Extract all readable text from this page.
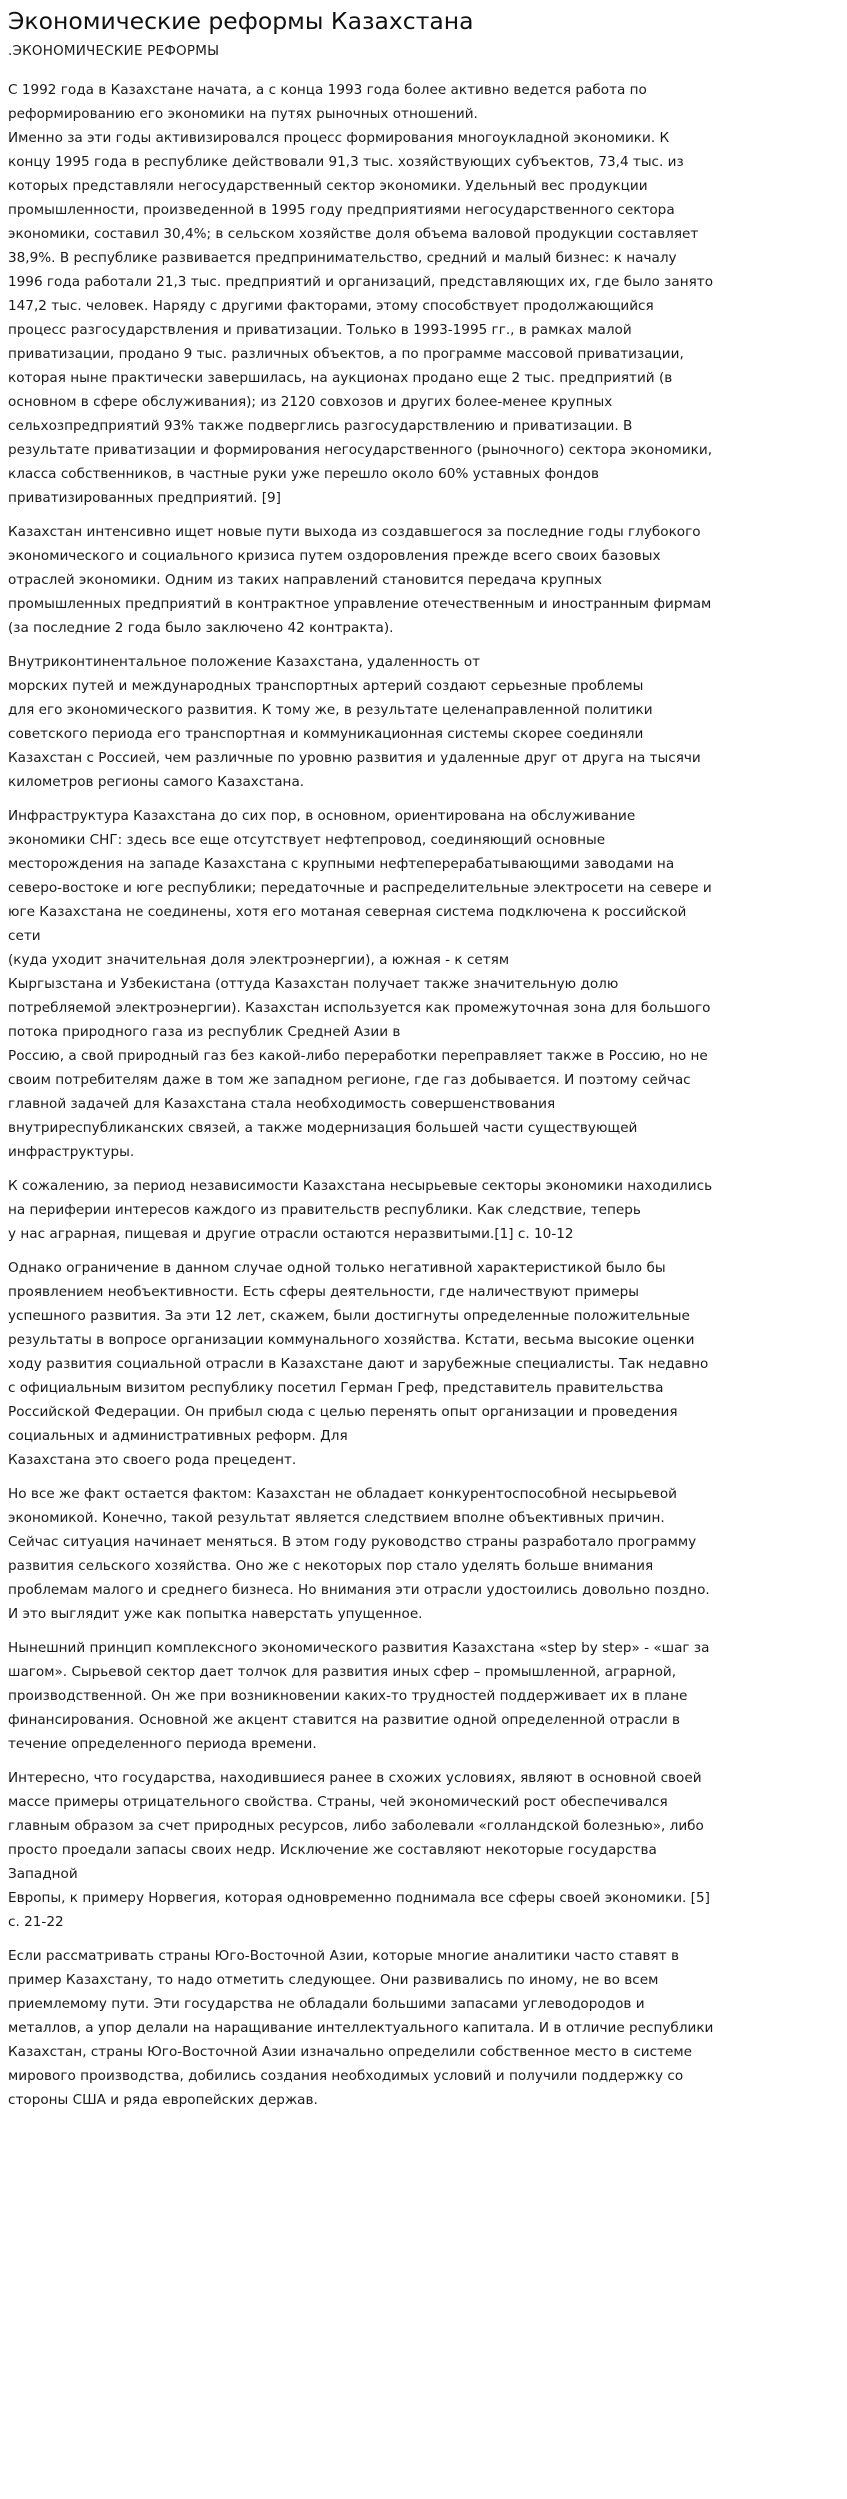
Экономические реформы Казахстана
.ЭКОНОМИЧЕСКИЕ РЕФОРМЫ
С 1992 года в Казахстане начата, а с конца 1993 года более активно ведется работа по
реформированию его экономики на путях рыночных отношений.
Именно за эти годы активизировался процесс формирования многоукладной экономики. К
концу 1995 года в республике действовали 91,3 тыс. хозяйствующих субъектов, 73,4 тыс. из
которых представляли негосударственный сектор экономики. Удельный вес продукции
промышленности, произведенной в 1995 году предприятиями негосударственного сектора
экономики, составил 30,4%; в сельском хозяйстве доля объема валовой продукции составляет
38,9%. В республике развивается предпринимательство, средний и малый бизнес: к началу
1996 года работали 21,3 тыс. предприятий и организаций, представляющих их, где было занято
147,2 тыс. человек. Наряду с другими факторами, этому способствует продолжающийся
процесс разгосударствления и приватизации. Только в 1993-1995 гг., в рамках малой
приватизации, продано 9 тыс. различных объектов, а по программе массовой приватизации,
которая ныне практически завершилась, на аукционах продано еще 2 тыс. предприятий (в
основном в сфере обслуживания); из 2120 совхозов и других более-менее крупных
сельхозпредприятий 93% также подверглись разгосударствлению и приватизации. В
результате приватизации и формирования негосударственного (рыночного) сектора экономики,
класса собственников, в частные руки уже перешло около 60% уставных фондов
приватизированных предприятий. [9]
Казахстан интенсивно ищет новые пути выхода из создавшегося за последние годы глубокого
экономического и социального кризиса путем оздоровления прежде всего своих базовых
отраслей экономики. Одним из таких направлений становится передача крупных
промышленных предприятий в контрактное управление отечественным и иностранным фирмам
(за последние 2 года было заключено 42 контракта).
Внутриконтинентальное положение Казахстана, удаленность от
морских путей и международных транспортных артерий создают серьезные проблемы
для его экономического развития. К тому же, в результате целенаправленной политики
советского периода его транспортная и коммуникационная системы скорее соединяли
Казахстан с Россией, чем различные по уровню развития и удаленные друг от друга на тысячи
километров регионы самого Казахстана.
Инфраструктура Казахстана до сих пор, в основном, ориентирована на обслуживание
экономики СНГ: здесь все еще отсутствует нефтепровод, соединяющий основные
месторождения на западе Казахстана с крупными нефтеперерабатывающими заводами на
северо-востоке и юге республики; передаточные и распределительные электросети на севере и
юге Казахстана не соединены, хотя его мотаная северная система подключена к российской
сети
(куда уходит значительная доля электроэнергии), а южная - к сетям
Кыргызстана и Узбекистана (оттуда Казахстан получает также значительную долю
потребляемой электроэнергии). Казахстан используется как промежуточная зона для большого
потока природного газа из республик Средней Азии в
Россию, а свой природный газ без какой-либо переработки переправляет также в Россию, но не
своим потребителям даже в том же западном регионе, где газ добывается. И поэтому сейчас
главной задачей для Казахстана стала необходимость совершенствования
внутриреспубликанских связей, а также модернизация большей части существующей
инфраструктуры.
К сожалению, за период независимости Казахстана несырьевые секторы экономики находились
на периферии интересов каждого из правительств республики. Как следствие, теперь
у нас аграрная, пищевая и другие отрасли остаются неразвитыми.[1] с. 10-12
Однако ограничение в данном случае одной только негативной характеристикой было бы
проявлением необъективности. Есть сферы деятельности, где наличествуют примеры
успешного развития. За эти 12 лет, скажем, были достигнуты определенные положительные
результаты в вопросе организации коммунального хозяйства. Кстати, весьма высокие оценки
ходу развития социальной отрасли в Казахстане дают и зарубежные специалисты. Так недавно
с официальным визитом республику посетил Герман Греф, представитель правительства
Российской Федерации. Он прибыл сюда с целью перенять опыт организации и проведения
социальных и административных реформ. Для
Казахстана это своего рода прецедент.
Но все же факт остается фактом: Казахстан не обладает конкурентоспособной несырьевой
экономикой. Конечно, такой результат является следствием вполне объективных причин.
Сейчас ситуация начинает меняться. В этом году руководство страны разработало программу
развития сельского хозяйства. Оно же с некоторых пор стало уделять больше внимания
проблемам малого и среднего бизнеса. Но внимания эти отрасли удостоились довольно поздно.
И это выглядит уже как попытка наверстать упущенное.
Нынешний принцип комплексного экономического развития Казахстана «step by step» - «шаг за
шагом». Сырьевой сектор дает толчок для развития иных сфер – промышленной, аграрной,
производственной. Он же при возникновении каких-то трудностей поддерживает их в плане
финансирования. Основной же акцент ставится на развитие одной определенной отрасли в
течение определенного периода времени.
Интересно, что государства, находившиеся ранее в схожих условиях, являют в основной своей
массе примеры отрицательного свойства. Страны, чей экономический рост обеспечивался
главным образом за счет природных ресурсов, либо заболевали «голландской болезнью», либо
просто проедали запасы своих недр. Исключение же составляют некоторые государства
Западной
Европы, к примеру Норвегия, которая одновременно поднимала все сферы своей экономики. [5]
с. 21-22
Если рассматривать страны Юго-Восточной Азии, которые многие аналитики часто ставят в
пример Казахстану, то надо отметить следующее. Они развивались по иному, не во всем
приемлемому пути. Эти государства не обладали большими запасами углеводородов и
металлов, а упор делали на наращивание интеллектуального капитала. И в отличие республики
Казахстан, страны Юго-Восточной Азии изначально определили собственное место в системе
мирового производства, добились создания необходимых условий и получили поддержку со
стороны США и ряда европейских держав.
